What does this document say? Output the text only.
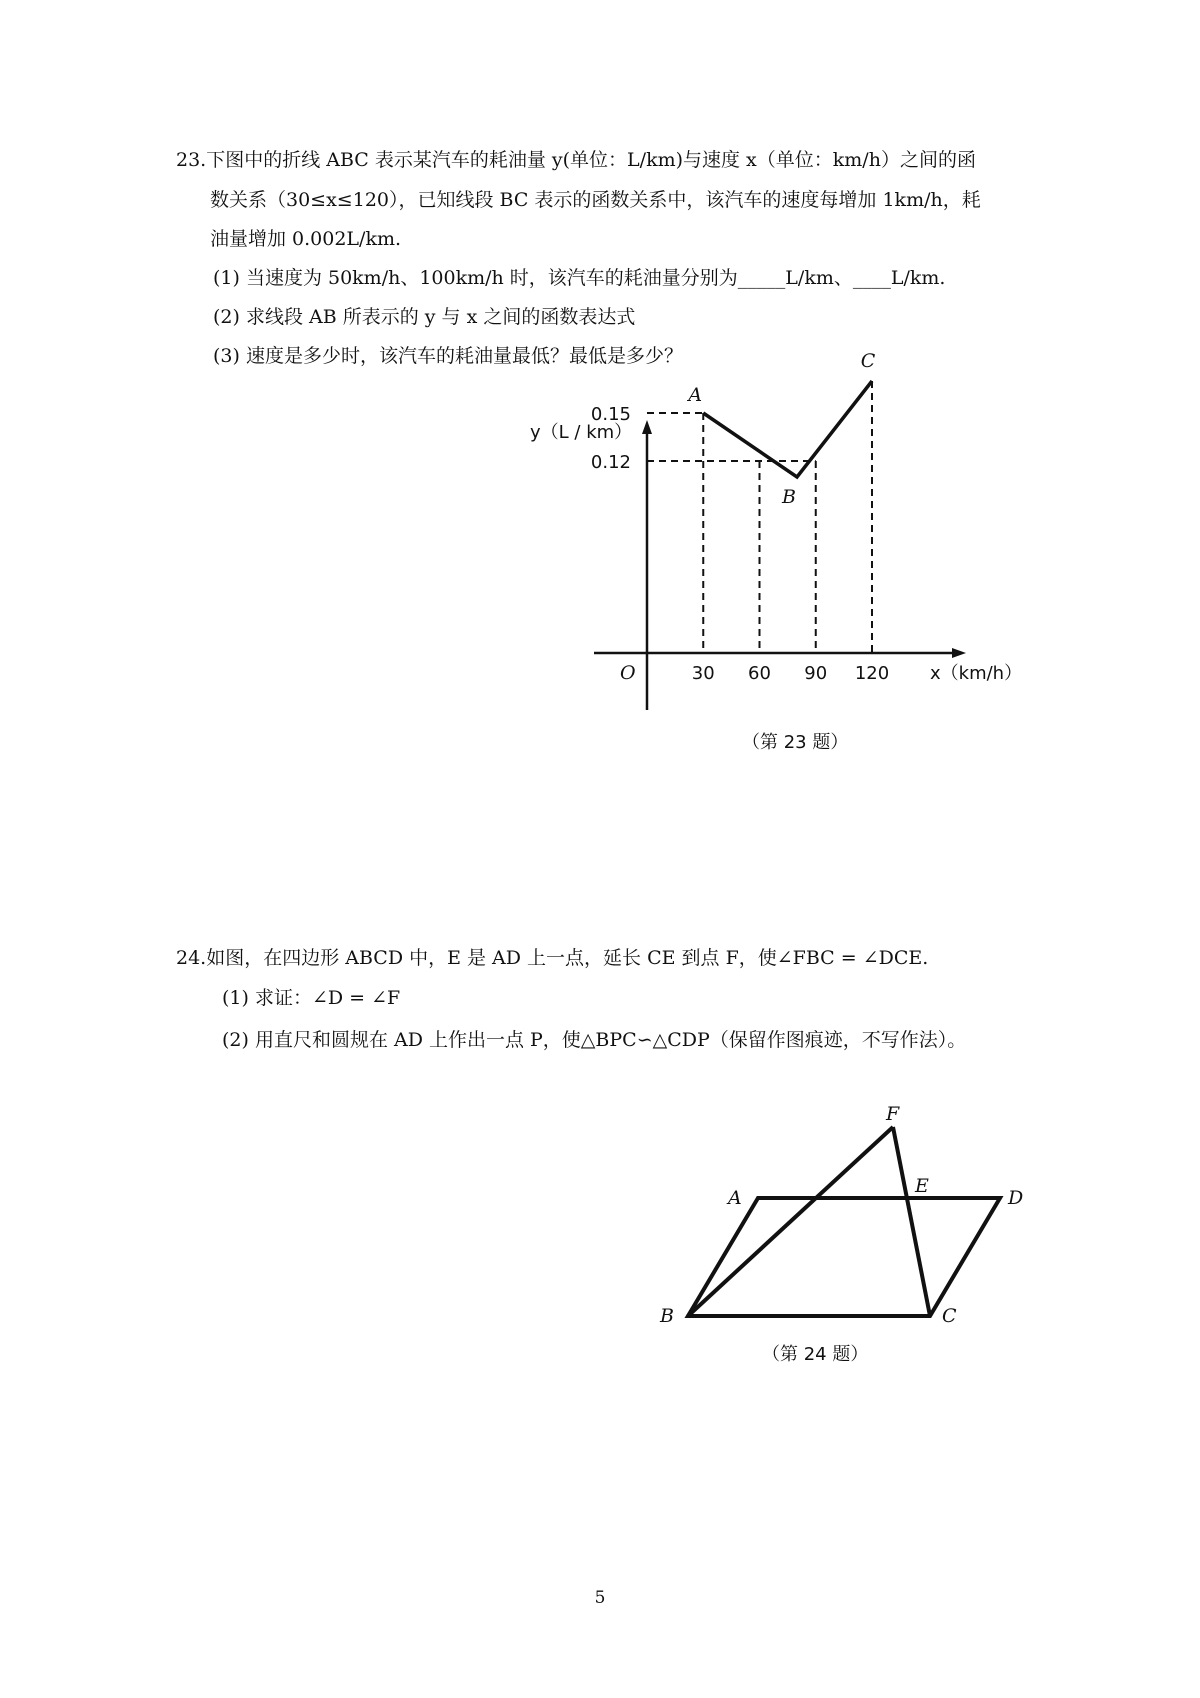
23.下图中的折线 ABC 表示某汽车的耗油量 y(单位：L/km)与速度 x（单位：km/h）之间的函
数关系（30≤x≤120），已知线段 BC 表示的函数关系中，该汽车的速度每增加 1km/h，耗
油量增加 0.002L/km.
(1) 当速度为 50km/h、100km/h 时，该汽车的耗油量分别为_____L/km、____L/km.
(2) 求线段 AB 所表示的 y 与 x 之间的函数表达式
(3) 速度是多少时，该汽车的耗油量最低？最低是多少？
30 60 90 120
0.15
0.12
A
B
C
y（L / km）
x（km/h）
O
（第 23 题）
24.如图，在四边形 ABCD 中，E 是 AD 上一点，延长 CE 到点 F，使∠FBC = ∠DCE.
(1) 求证：∠D = ∠F
(2) 用直尺和圆规在 AD 上作出一点 P，使△BPC∽△CDP（保留作图痕迹，不写作法）。
A
B	C
D
E
F
（第 24 题）
5
